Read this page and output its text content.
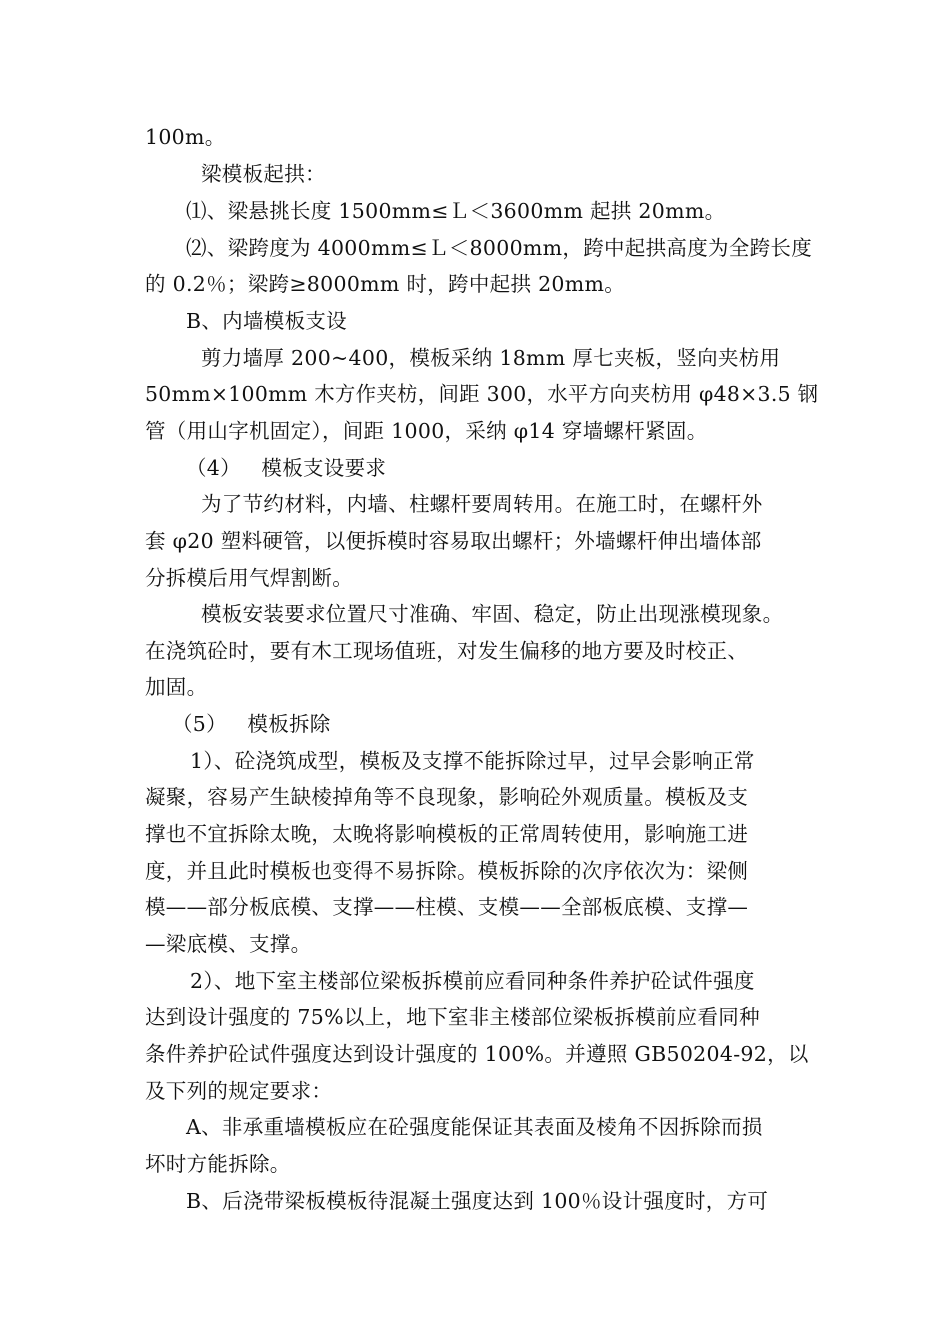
100m。
梁模板起拱：
⑴、梁悬挑长度 1500mm≤Ｌ＜3600mm 起拱 20mm。
⑵、梁跨度为 4000mm≤Ｌ＜8000mm，跨中起拱高度为全跨长度
的 0.2％；梁跨≥8000mm 时，跨中起拱 20mm。
B、内墙模板支设
剪力墙厚 200~400，模板采纳 18mm 厚七夹板，竖向夹枋用
50mm×100mm 木方作夹枋，间距 300，水平方向夹枋用 φ48×3.5 钢
管（用山字机固定），间距 1000，采纳 φ14 穿墙螺杆紧固。
（4）   模板支设要求
为了节约材料，内墙、柱螺杆要周转用。在施工时，在螺杆外
套 φ20 塑料硬管，以便拆模时容易取出螺杆；外墙螺杆伸出墙体部
分拆模后用气焊割断。
模板安装要求位置尺寸准确、牢固、稳定，防止出现涨模现象。
在浇筑砼时，要有木工现场值班，对发生偏移的地方要及时校正、
加固。
（5）   模板拆除
1）、砼浇筑成型，模板及支撑不能拆除过早，过早会影响正常
凝聚，容易产生缺棱掉角等不良现象，影响砼外观质量。模板及支
撑也不宜拆除太晚，太晚将影响模板的正常周转使用，影响施工进
度，并且此时模板也变得不易拆除。模板拆除的次序依次为：梁侧
模——部分板底模、支撑——柱模、支模——全部板底模、支撑—
—梁底模、支撑。
2）、地下室主楼部位梁板拆模前应看同种条件养护砼试件强度
达到设计强度的 75%以上，地下室非主楼部位梁板拆模前应看同种
条件养护砼试件强度达到设计强度的 100%。并遵照 GB50204-92，以
及下列的规定要求：
A、非承重墙模板应在砼强度能保证其表面及棱角不因拆除而损
坏时方能拆除。
B、后浇带梁板模板待混凝土强度达到 100％设计强度时，方可
